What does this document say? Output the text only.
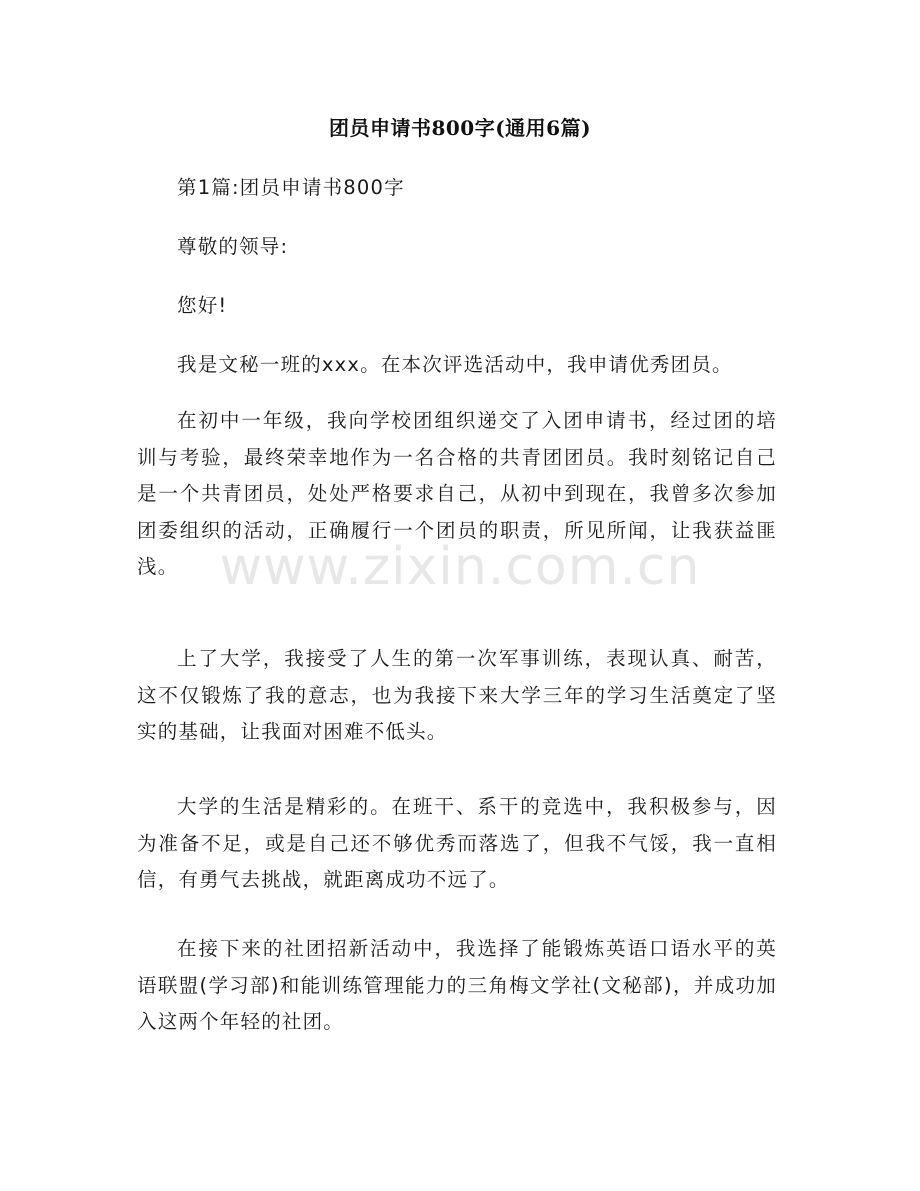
www.zixin.com.cn
团员申请书800字(通用6篇)

第1篇:团员申请书800字

尊敬的领导:

您好!

我是文秘一班的xxx。在本次评选活动中，我申请优秀团员。

在初中一年级，我向学校团组织递交了入团申请书，经过团的培训与考验，最终荣幸地作为一名合格的共青团团员。我时刻铭记自己是一个共青团员，处处严格要求自己，从初中到现在，我曾多次参加团委组织的活动，正确履行一个团员的职责，所见所闻，让我获益匪浅。

上了大学，我接受了人生的第一次军事训练，表现认真、耐苦，这不仅锻炼了我的意志，也为我接下来大学三年的学习生活奠定了坚实的基础，让我面对困难不低头。

大学的生活是精彩的。在班干、系干的竞选中，我积极参与，因为准备不足，或是自己还不够优秀而落选了，但我不气馁，我一直相信，有勇气去挑战，就距离成功不远了。

在接下来的社团招新活动中，我选择了能锻炼英语口语水平的英语联盟(学习部)和能训练管理能力的三角梅文学社(文秘部)，并成功加入这两个年轻的社团。
